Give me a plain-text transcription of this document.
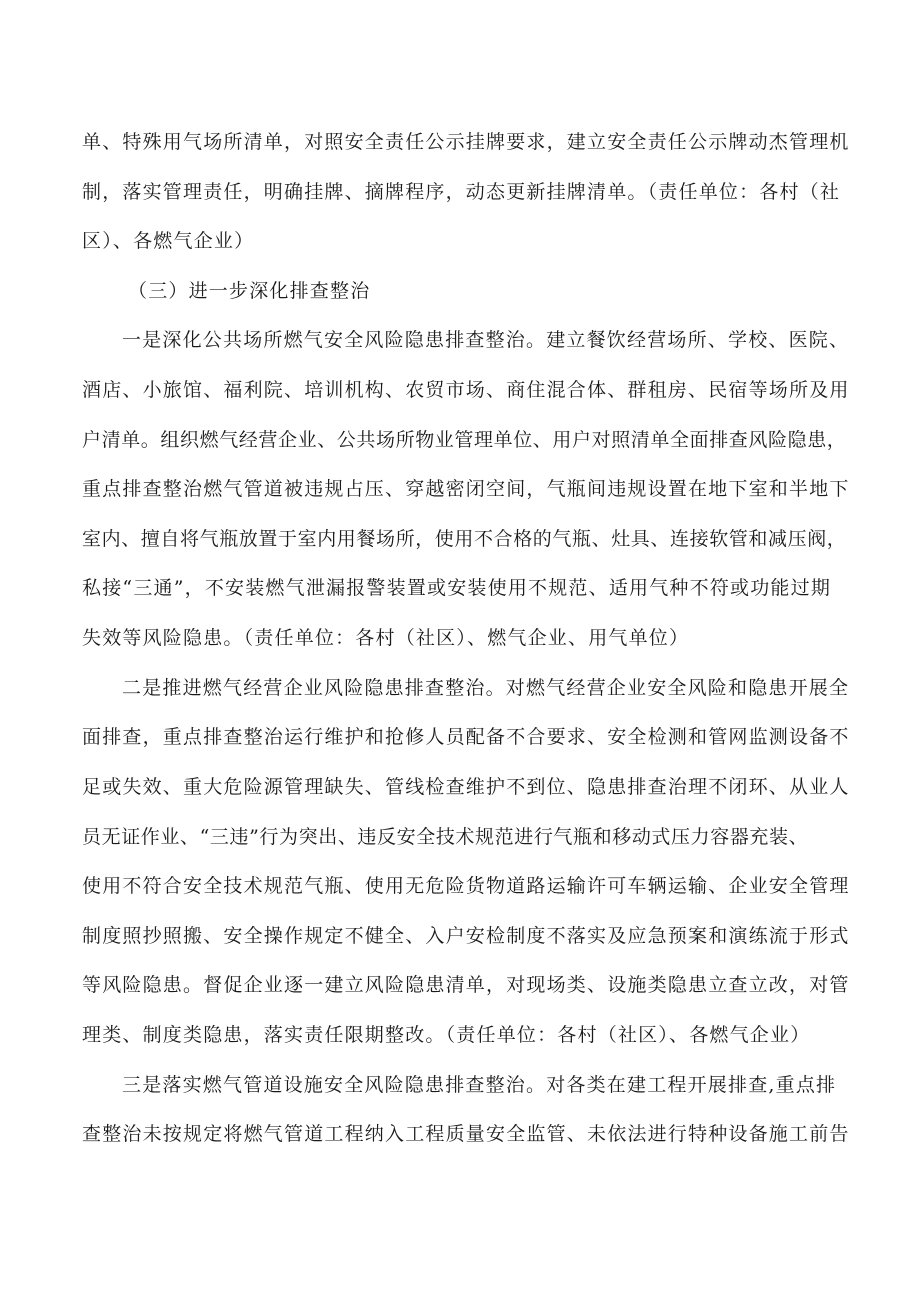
单、特殊用气场所清单，对照安全责任公示挂牌要求，建立安全责任公示牌动杰管理机
制，落实管理责任，明确挂牌、摘牌程序，动态更新挂牌清单。（责任单位：各村（社
区）、各燃气企业）
（三）进一步深化排查整治
一是深化公共场所燃气安全风险隐患排查整治。建立餐饮经营场所、学校、医院、
酒店、小旅馆、福利院、培训机构、农贸市场、商住混合体、群租房、民宿等场所及用
户清单。组织燃气经营企业、公共场所物业管理单位、用户对照清单全面排查风险隐患，
重点排查整治燃气管道被违规占压、穿越密闭空间，气瓶间违规设置在地下室和半地下
室内、擅自将气瓶放置于室内用餐场所，使用不合格的气瓶、灶具、连接软管和减压阀，
私接“三通”，不安装燃气泄漏报警装置或安装使用不规范、适用气种不符或功能过期
失效等风险隐患。（责任单位：各村（社区）、燃气企业、用气单位）
二是推进燃气经营企业风险隐患排查整治。对燃气经营企业安全风险和隐患开展全
面排查，重点排查整治运行维护和抢修人员配备不合要求、安全检测和管网监测设备不
足或失效、重大危险源管理缺失、管线检查维护不到位、隐患排查治理不闭环、从业人
员无证作业、“三违”行为突出、违反安全技术规范进行气瓶和移动式压力容器充装、
使用不符合安全技术规范气瓶、使用无危险货物道路运输许可车辆运输、企业安全管理
制度照抄照搬、安全操作规定不健全、入户安检制度不落实及应急预案和演练流于形式
等风险隐患。督促企业逐一建立风险隐患清单，对现场类、设施类隐患立查立改，对管
理类、制度类隐患，落实责任限期整改。（责任单位：各村（社区）、各燃气企业）
三是落实燃气管道设施安全风险隐患排查整治。对各类在建工程开展排查,重点排
查整治未按规定将燃气管道工程纳入工程质量安全监管、未依法进行特种设备施工前告
